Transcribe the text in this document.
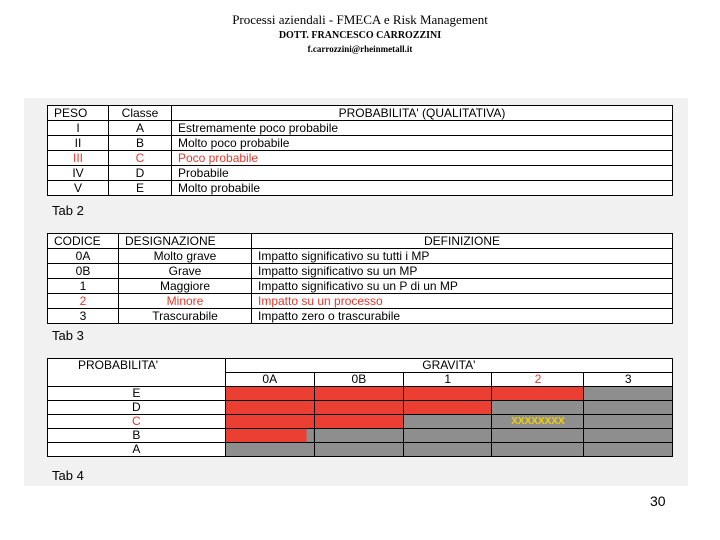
Processi aziendali - FMECA e Risk Management
DOTT. FRANCESCO CARROZZINI
f.carrozzini@rheinmetall.it
PESO	Classe	PROBABILITA' (QUALITATIVA)
I	A	Estremamente poco probabile
II	B	Molto poco probabile
III	C	Poco probabile
IV	D	Probabile
V	E	Molto probabile
Tab 2
CODICE	DESIGNAZIONE	DEFINIZIONE
0A	Molto grave	Impatto significativo su tutti i MP
0B	Grave	Impatto significativo su un MP
1	Maggiore	Impatto significativo su un P di un MP
2	Minore	Impatto su un processo
3	Trascurabile	Impatto zero o trascurabile
Tab 3
PROBABILITA'	GRAVITA'				
	0A	0B	1	2	3
E					
D					
C				XXXXXXXX	

B					
A					
Tab 4
30
